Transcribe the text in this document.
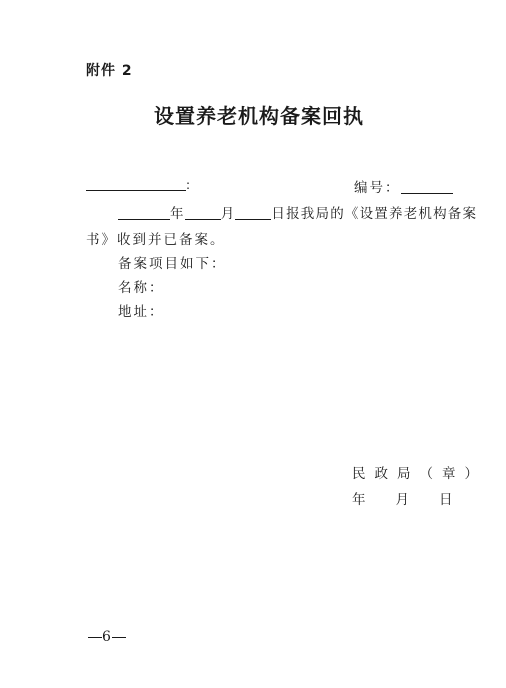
附件 2
设置养老机构备案回执
:	编号：
年	月	日报我局的《设置养老机构备案
书》收到并已备案。
备案项目如下：
名称：
地址：
民政局（章）
年 月 日
6
